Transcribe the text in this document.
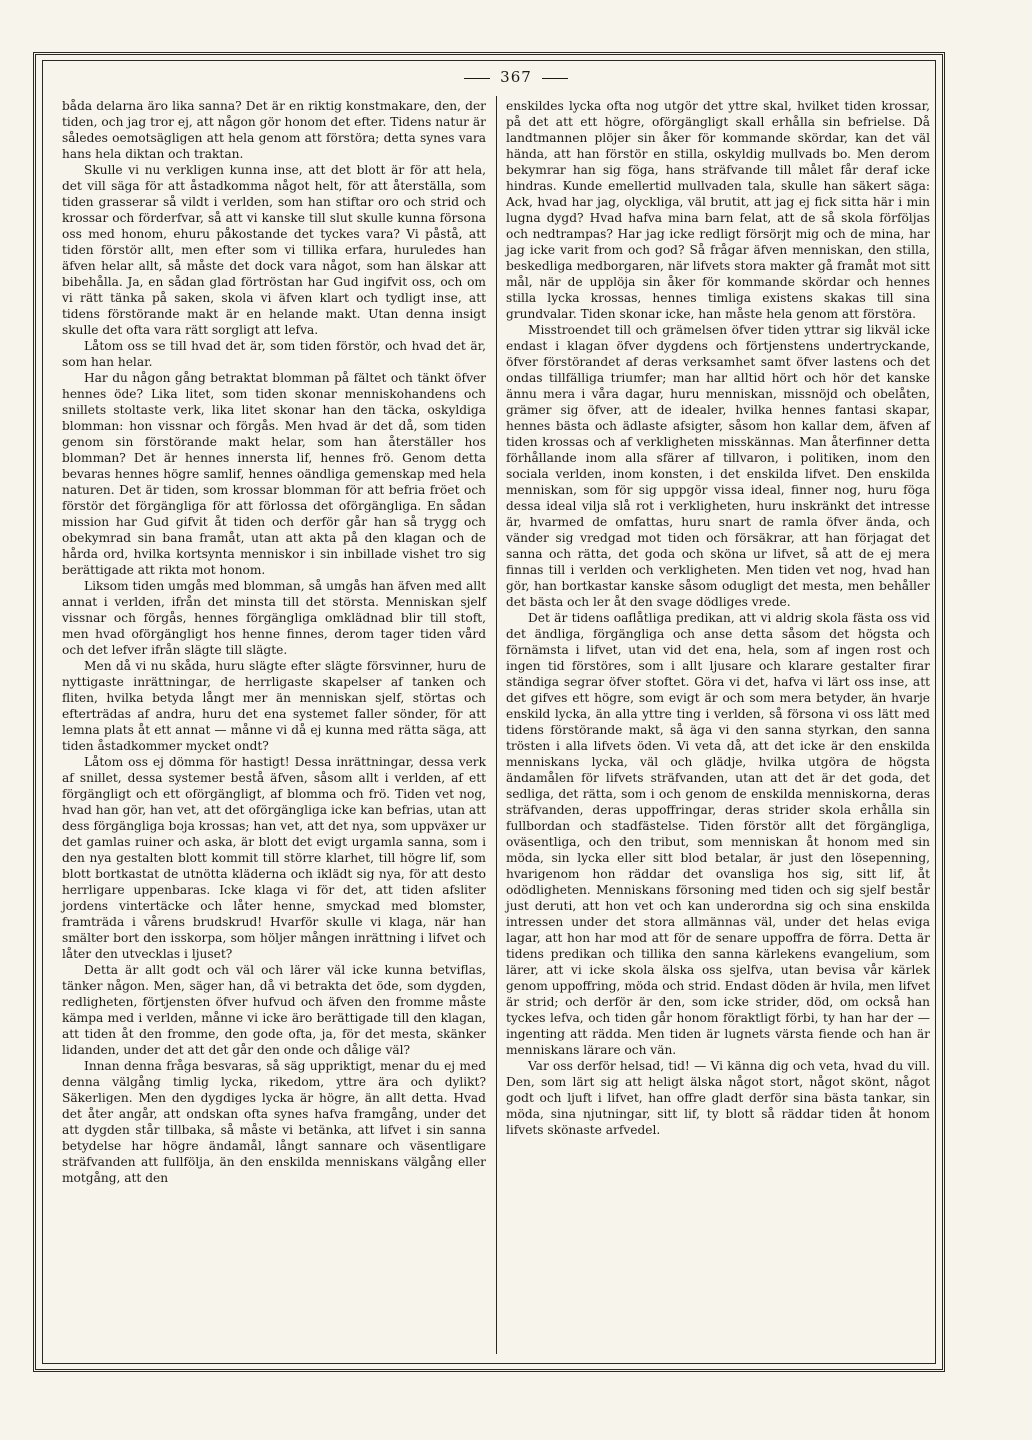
367

båda delarna äro lika sanna? Det är en riktig konstmakare, den, der tiden, och jag tror ej, att någon gör honom det efter. Tidens natur är således oemotsägligen att hela genom att förstöra; detta synes vara hans hela diktan och traktan.

Skulle vi nu verkligen kunna inse, att det blott är för att hela, det vill säga för att åstadkomma något helt, för att återställa, som tiden grasserar så vildt i verlden, som han stiftar oro och strid och krossar och förderfvar, så att vi kanske till slut skulle kunna försona oss med honom, ehuru påkostande det tyckes vara? Vi påstå, att tiden förstör allt, men efter som vi tillika erfara, huruledes han äfven helar allt, så måste det dock vara något, som han älskar att bibehålla. Ja, en sådan glad förtröstan har Gud ingifvit oss, och om vi rätt tänka på saken, skola vi äfven klart och tydligt inse, att tidens förstörande makt är en helande makt. Utan denna insigt skulle det ofta vara rätt sorgligt att lefva.

Låtom oss se till hvad det är, som tiden förstör, och hvad det är, som han helar.

Har du någon gång betraktat blomman på fältet och tänkt öfver hennes öde? Lika litet, som tiden skonar menniskohandens och snillets stoltaste verk, lika litet skonar han den täcka, oskyldiga blomman: hon vissnar och förgås. Men hvad är det då, som tiden genom sin förstörande makt helar, som han återställer hos blomman? Det är hennes innersta lif, hennes frö. Genom detta bevaras hennes högre samlif, hennes oändliga gemenskap med hela naturen. Det är tiden, som krossar blomman för att befria fröet och förstör det förgängliga för att förlossa det oförgängliga. En sådan mission har Gud gifvit åt tiden och derför går han så trygg och obekymrad sin bana framåt, utan att akta på den klagan och de hårda ord, hvilka kortsynta menniskor i sin inbillade vishet tro sig berättigade att rikta mot honom.

Liksom tiden umgås med blomman, så umgås han äfven med allt annat i verlden, ifrån det minsta till det största. Menniskan sjelf vissnar och förgås, hennes förgängliga omklädnad blir till stoft, men hvad oförgängligt hos henne finnes, derom tager tiden vård och det lefver ifrån slägte till slägte.

Men då vi nu skåda, huru slägte efter slägte försvinner, huru de nyttigaste inrättningar, de herrligaste skapelser af tanken och fliten, hvilka betyda långt mer än menniskan sjelf, störtas och efterträdas af andra, huru det ena systemet faller sönder, för att lemna plats åt ett annat — månne vi då ej kunna med rätta säga, att tiden åstadkommer mycket ondt?

Låtom oss ej dömma för hastigt! Dessa inrättningar, dessa verk af snillet, dessa systemer bestå äfven, såsom allt i verlden, af ett förgängligt och ett oförgängligt, af blomma och frö. Tiden vet nog, hvad han gör, han vet, att det oförgängliga icke kan befrias, utan att dess förgängliga boja krossas; han vet, att det nya, som uppväxer ur det gamlas ruiner och aska, är blott det evigt urgamla sanna, som i den nya gestalten blott kommit till större klarhet, till högre lif, som blott bortkastat de utnötta kläderna och iklädt sig nya, för att desto herrligare uppenbaras. Icke klaga vi för det, att tiden afsliter jordens vintertäcke och låter henne, smyckad med blomster, framträda i vårens brudskrud! Hvarför skulle vi klaga, när han smälter bort den isskorpa, som höljer mången inrättning i lifvet och låter den utvecklas i ljuset?

Detta är allt godt och väl och lärer väl icke kunna betviflas, tänker någon. Men, säger han, då vi betrakta det öde, som dygden, redligheten, förtjensten öfver hufvud och äfven den fromme måste kämpa med i verlden, månne vi icke äro berättigade till den klagan, att tiden åt den fromme, den gode ofta, ja, för det mesta, skänker lidanden, under det att det går den onde och dålige väl?

Innan denna fråga besvaras, så säg uppriktigt, menar du ej med denna välgång timlig lycka, rikedom, yttre ära och dylikt? Säkerligen. Men den dygdiges lycka är högre, än allt detta. Hvad det åter angår, att ondskan ofta synes hafva framgång, under det att dygden står tillbaka, så måste vi betänka, att lifvet i sin sanna betydelse har högre ändamål, långt sannare och väsentligare sträfvanden att fullfölja, än den enskilda menniskans välgång eller motgång, att den

enskildes lycka ofta nog utgör det yttre skal, hvilket tiden krossar, på det att ett högre, oförgängligt skall erhålla sin befrielse. Då landtmannen plöjer sin åker för kommande skördar, kan det väl hända, att han förstör en stilla, oskyldig mullvads bo. Men derom bekymrar han sig föga, hans sträfvande till målet får deraf icke hindras. Kunde emellertid mullvaden tala, skulle han säkert säga: Ack, hvad har jag, olyckliga, väl brutit, att jag ej fick sitta här i min lugna dygd? Hvad hafva mina barn felat, att de så skola förföljas och nedtrampas? Har jag icke redligt försörjt mig och de mina, har jag icke varit from och god? Så frågar äfven menniskan, den stilla, beskedliga medborgaren, när lifvets stora makter gå framåt mot sitt mål, när de upplöja sin åker för kommande skördar och hennes stilla lycka krossas, hennes timliga existens skakas till sina grundvalar. Tiden skonar icke, han måste hela genom att förstöra.

Misstroendet till och grämelsen öfver tiden yttrar sig likväl icke endast i klagan öfver dygdens och förtjenstens undertryckande, öfver förstörandet af deras verksamhet samt öfver lastens och det ondas tillfälliga triumfer; man har alltid hört och hör det kanske ännu mera i våra dagar, huru menniskan, missnöjd och obelåten, grämer sig öfver, att de idealer, hvilka hennes fantasi skapar, hennes bästa och ädlaste afsigter, såsom hon kallar dem, äfven af tiden krossas och af verkligheten misskännas. Man återfinner detta förhållande inom alla sfärer af tillvaron, i politiken, inom den sociala verlden, inom konsten, i det enskilda lifvet. Den enskilda menniskan, som för sig uppgör vissa ideal, finner nog, huru föga dessa ideal vilja slå rot i verkligheten, huru inskränkt det intresse är, hvarmed de omfattas, huru snart de ramla öfver ända, och vänder sig vredgad mot tiden och försäkrar, att han förjagat det sanna och rätta, det goda och sköna ur lifvet, så att de ej mera finnas till i verlden och verkligheten. Men tiden vet nog, hvad han gör, han bortkastar kanske såsom odugligt det mesta, men behåller det bästa och ler åt den svage dödliges vrede.

Det är tidens oaflåtliga predikan, att vi aldrig skola fästa oss vid det ändliga, förgängliga och anse detta såsom det högsta och förnämsta i lifvet, utan vid det ena, hela, som af ingen rost och ingen tid förstöres, som i allt ljusare och klarare gestalter firar ständiga segrar öfver stoftet. Göra vi det, hafva vi lärt oss inse, att det gifves ett högre, som evigt är och som mera betyder, än hvarje enskild lycka, än alla yttre ting i verlden, så försona vi oss lätt med tidens förstörande makt, så äga vi den sanna styrkan, den sanna trösten i alla lifvets öden. Vi veta då, att det icke är den enskilda menniskans lycka, väl och glädje, hvilka utgöra de högsta ändamålen för lifvets sträfvanden, utan att det är det goda, det sedliga, det rätta, som i och genom de enskilda menniskorna, deras sträfvanden, deras uppoffringar, deras strider skola erhålla sin fullbordan och stadfästelse. Tiden förstör allt det förgängliga, oväsentliga, och den tribut, som menniskan åt honom med sin möda, sin lycka eller sitt blod betalar, är just den lösepenning, hvarigenom hon räddar det ovansliga hos sig, sitt lif, åt odödligheten. Menniskans försoning med tiden och sig sjelf består just deruti, att hon vet och kan underordna sig och sina enskilda intressen under det stora allmännas väl, under det helas eviga lagar, att hon har mod att för de senare uppoffra de förra. Detta är tidens predikan och tillika den sanna kärlekens evangelium, som lärer, att vi icke skola älska oss sjelfva, utan bevisa vår kärlek genom uppoffring, möda och strid. Endast döden är hvila, men lifvet är strid; och derför är den, som icke strider, död, om också han tyckes lefva, och tiden går honom föraktligt förbi, ty han har der — ingenting att rädda. Men tiden är lugnets värsta fiende och han är menniskans lärare och vän.

Var oss derför helsad, tid! — Vi känna dig och veta, hvad du vill. Den, som lärt sig att heligt älska något stort, något skönt, något godt och ljuft i lifvet, han offre gladt derför sina bästa tankar, sin möda, sina njutningar, sitt lif, ty blott så räddar tiden åt honom lifvets skönaste arfvedel.
